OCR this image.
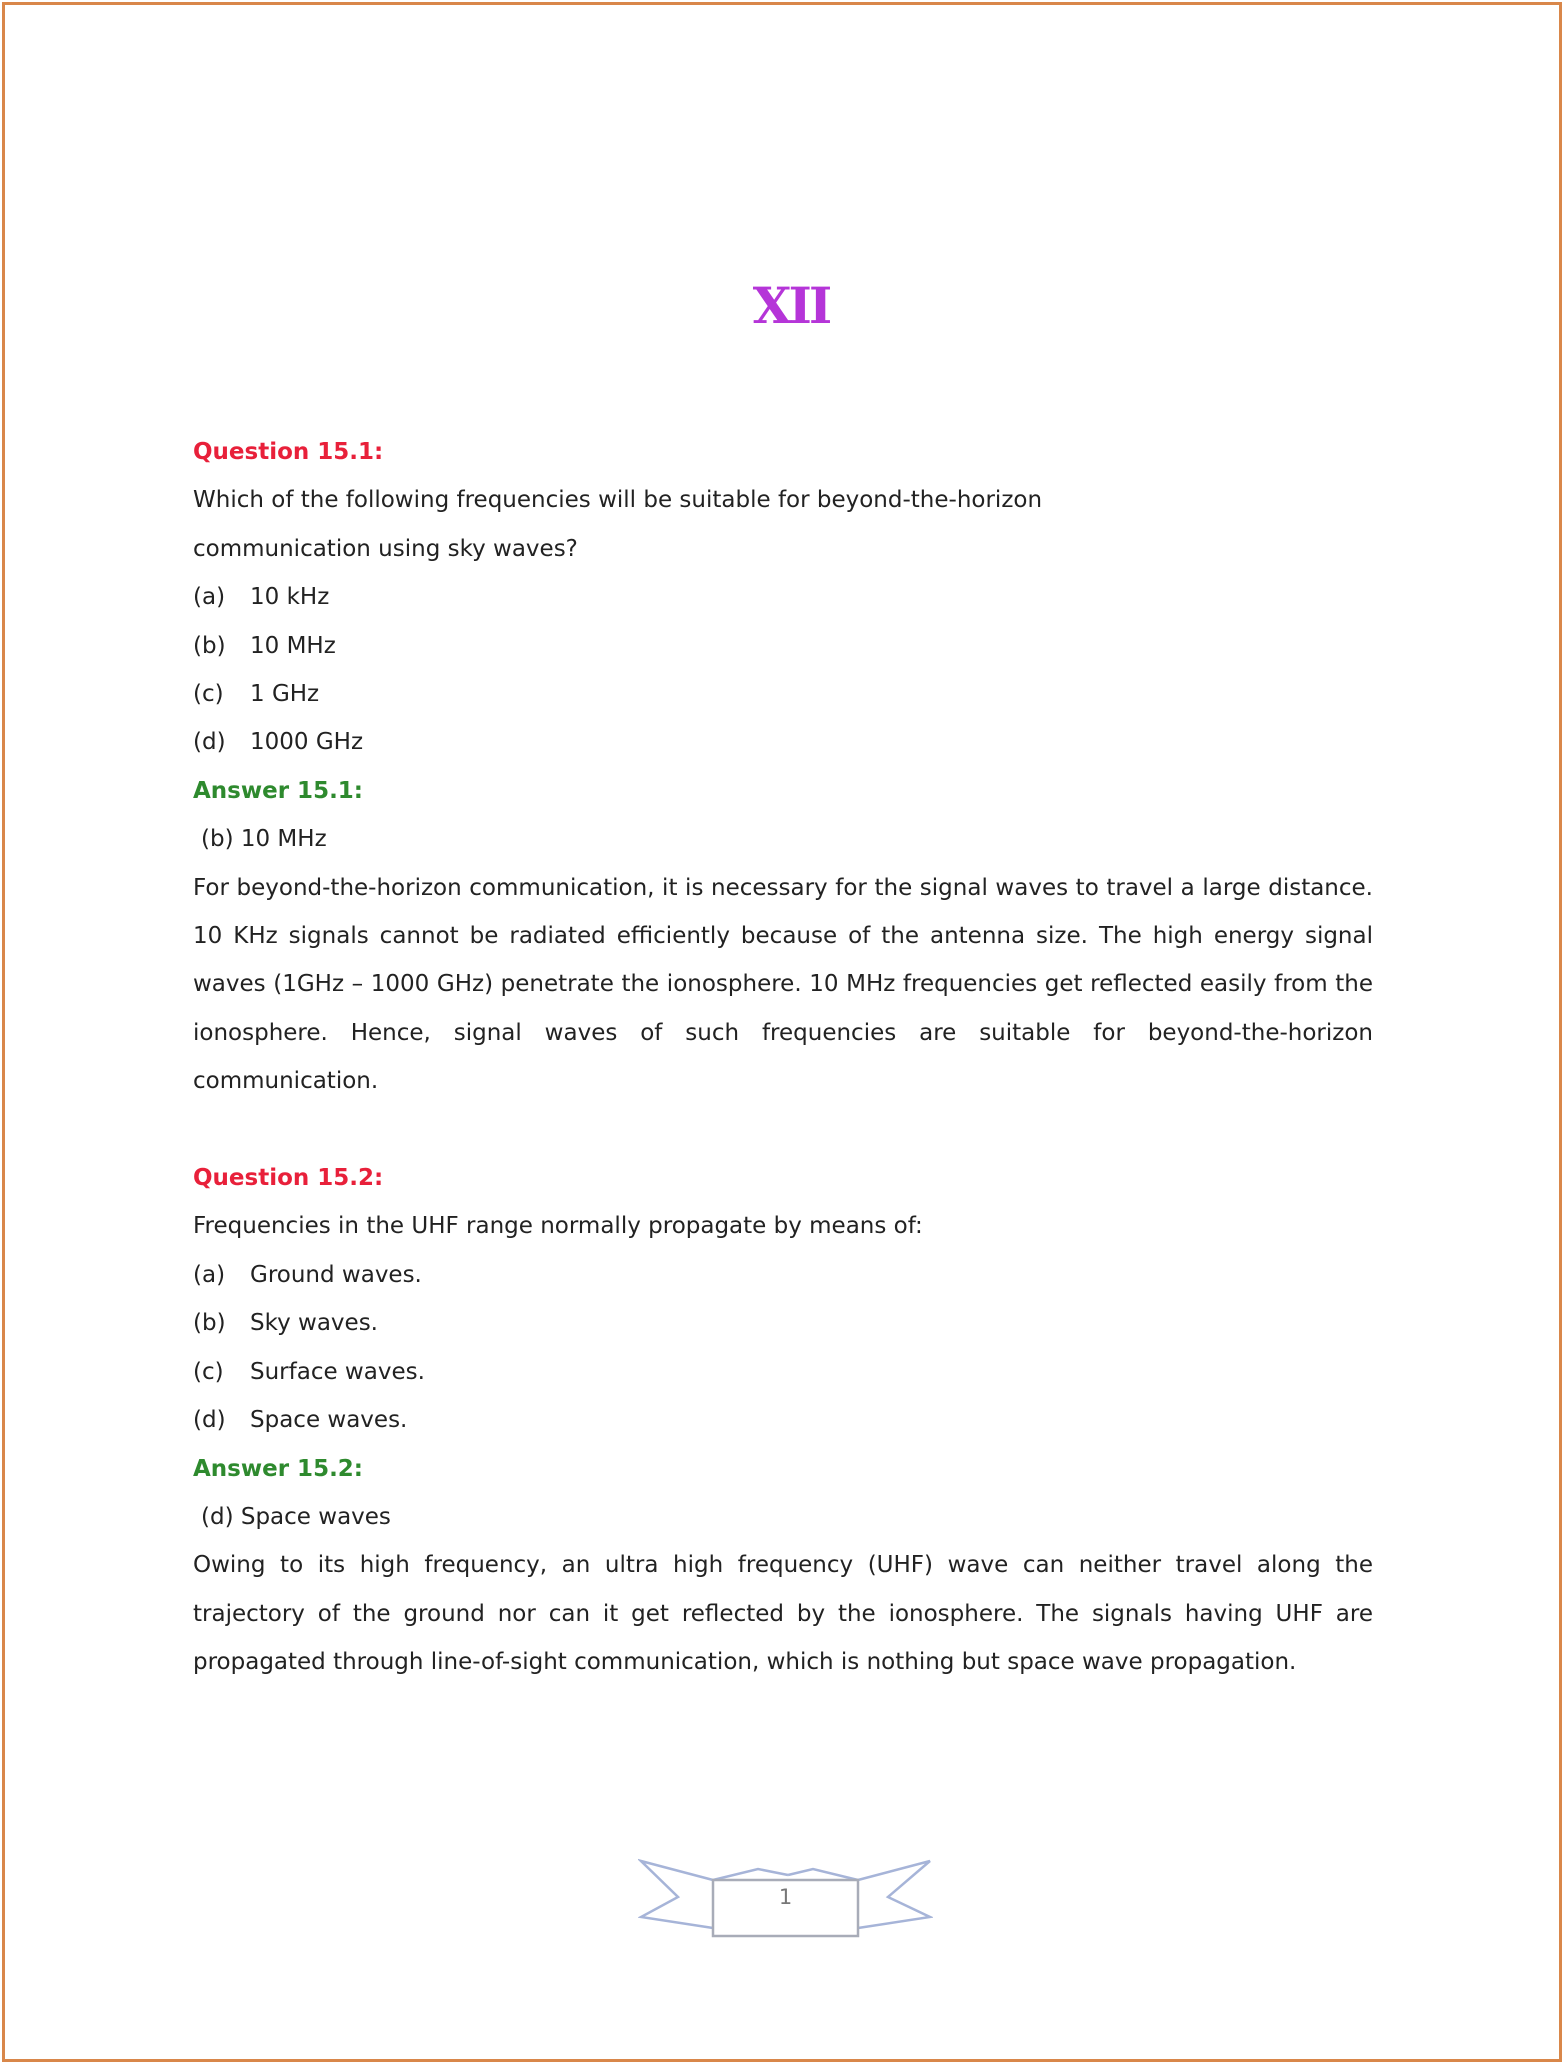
XII

Question 15.1:

Which of the following frequencies will be suitable for beyond-the-horizon

communication using sky waves?

(a) 10 kHz

(b) 10 MHz

(c) 1 GHz

(d) 1000 GHz

Answer 15.1:

(b) 10 MHz

For beyond-the-horizon communication, it is necessary for the signal waves to travel a large distance. 10 KHz signals cannot be radiated efficiently because of the antenna size. The high energy signal waves (1GHz – 1000 GHz) penetrate the ionosphere. 10 MHz frequencies get reflected easily from the ionosphere. Hence, signal waves of such frequencies are suitable for beyond-the-horizon communication.

Question 15.2:

Frequencies in the UHF range normally propagate by means of:

(a) Ground waves.

(b) Sky waves.

(c) Surface waves.

(d) Space waves.

Answer 15.2:

(d) Space waves

Owing to its high frequency, an ultra high frequency (UHF) wave can neither travel along the trajectory of the ground nor can it get reflected by the ionosphere. The signals having UHF are propagated through line-of-sight communication, which is nothing but space wave propagation.

1
